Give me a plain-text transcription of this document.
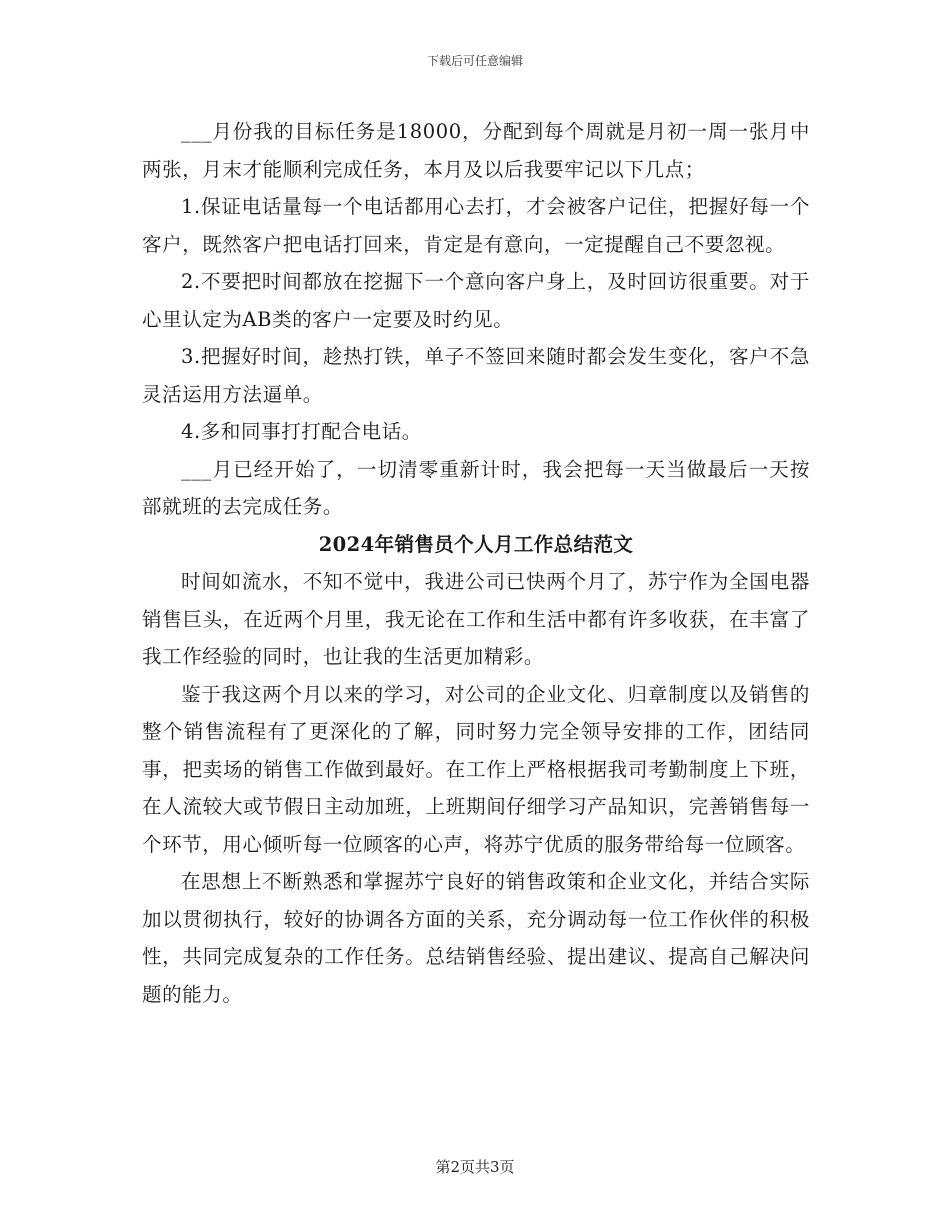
下载后可任意编辑

___月份我的目标任务是18000，分配到每个周就是月初一周一张月中两张，月末才能顺利完成任务，本月及以后我要牢记以下几点；

1.保证电话量每一个电话都用心去打，才会被客户记住，把握好每一个客户，既然客户把电话打回来，肯定是有意向，一定提醒自己不要忽视。

2.不要把时间都放在挖掘下一个意向客户身上，及时回访很重要。对于心里认定为AB类的客户一定要及时约见。

3.把握好时间，趁热打铁，单子不签回来随时都会发生变化，客户不急灵活运用方法逼单。

4.多和同事打打配合电话。

___月已经开始了，一切清零重新计时，我会把每一天当做最后一天按部就班的去完成任务。

2024年销售员个人月工作总结范文

时间如流水，不知不觉中，我进公司已快两个月了，苏宁作为全国电器销售巨头，在近两个月里，我无论在工作和生活中都有许多收获，在丰富了我工作经验的同时，也让我的生活更加精彩。

鉴于我这两个月以来的学习，对公司的企业文化、归章制度以及销售的整个销售流程有了更深化的了解，同时努力完全领导安排的工作，团结同事，把卖场的销售工作做到最好。在工作上严格根据我司考勤制度上下班，在人流较大或节假日主动加班，上班期间仔细学习产品知识，完善销售每一个环节，用心倾听每一位顾客的心声，将苏宁优质的服务带给每一位顾客。

在思想上不断熟悉和掌握苏宁良好的销售政策和企业文化，并结合实际加以贯彻执行，较好的协调各方面的关系，充分调动每一位工作伙伴的积极性，共同完成复杂的工作任务。总结销售经验、提出建议、提高自己解决问题的能力。

第2页共3页
